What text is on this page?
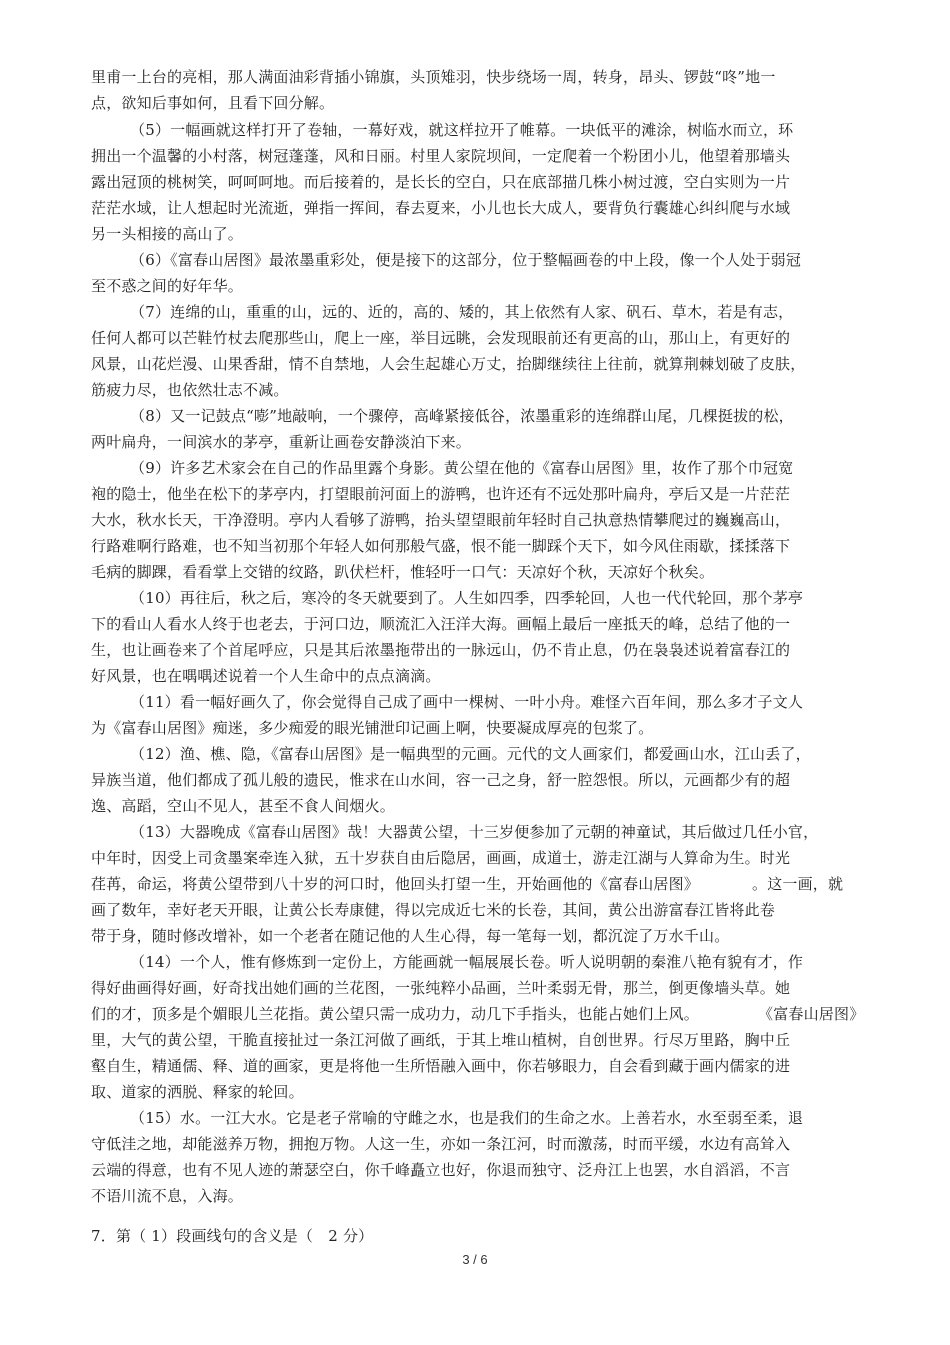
里甫一上台的亮相，那人满面油彩背插小锦旗，头顶雉羽，快步绕场一周，转身，昂头、锣鼓“咚”地一
点，欲知后事如何，且看下回分解。
（5）一幅画就这样打开了卷轴，一幕好戏，就这样拉开了帷幕。一块低平的滩涂，树临水而立，环
拥出一个温馨的小村落，树冠蓬蓬，风和日丽。村里人家院坝间，一定爬着一个粉团小儿，他望着那墙头
露出冠顶的桃树笑，呵呵呵地。而后接着的，是长长的空白，只在底部描几株小树过渡，空白实则为一片
茫茫水域，让人想起时光流逝，弹指一挥间，春去夏来，小儿也长大成人，要背负行囊雄心纠纠爬与水域
另一头相接的高山了。
（6）《富春山居图》最浓墨重彩处，便是接下的这部分，位于整幅画卷的中上段，像一个人处于弱冠
至不惑之间的好年华。
（7）连绵的山，重重的山，远的、近的，高的、矮的，其上依然有人家、矾石、草木，若是有志，
任何人都可以芒鞋竹杖去爬那些山，爬上一座，举目远眺，会发现眼前还有更高的山，那山上，有更好的
风景，山花烂漫、山果香甜，情不自禁地，人会生起雄心万丈，抬脚继续往上往前，就算荆棘划破了皮肤，
筋疲力尽，也依然壮志不减。
（8）又一记鼓点“嘭”地敲响，一个骤停，高峰紧接低谷，浓墨重彩的连绵群山尾，几棵挺拔的松，
两叶扁舟，一间滨水的茅亭，重新让画卷安静淡泊下来。
（9）许多艺术家会在自己的作品里露个身影。黄公望在他的《富春山居图》里，妆作了那个巾冠宽
袍的隐士，他坐在松下的茅亭内，打望眼前河面上的游鸭，也许还有不远处那叶扁舟，亭后又是一片茫茫
大水，秋水长天，干净澄明。亭内人看够了游鸭，抬头望望眼前年轻时自己执意热情攀爬过的巍巍高山，
行路难啊行路难，也不知当初那个年轻人如何那般气盛，恨不能一脚踩个天下，如今风住雨歇，揉揉落下
毛病的脚踝，看看掌上交错的纹路，趴伏栏杆，惟轻吁一口气：天凉好个秋，天凉好个秋矣。
（10）再往后，秋之后，寒冷的冬天就要到了。人生如四季，四季轮回，人也一代代轮回，那个茅亭
下的看山人看水人终于也老去，于河口边，顺流汇入汪洋大海。画幅上最后一座抵天的峰，总结了他的一
生，也让画卷来了个首尾呼应，只是其后浓墨拖带出的一脉远山，仍不肯止息，仍在袅袅述说着富春江的
好风景，也在喁喁述说着一个人生命中的点点滴滴。
（11）看一幅好画久了，你会觉得自己成了画中一棵树、一叶小舟。难怪六百年间，那么多才子文人
为《富春山居图》痴迷，多少痴爱的眼光铺泄印记画上啊，快要凝成厚亮的包浆了。
（12）渔、樵、隐，《富春山居图》是一幅典型的元画。元代的文人画家们，都爱画山水，江山丢了，
异族当道，他们都成了孤儿般的遗民，惟求在山水间，容一己之身，舒一腔怨恨。所以，元画都少有的超
逸、高蹈，空山不见人，甚至不食人间烟火。
（13）大器晚成《富春山居图》哉！大器黄公望，十三岁便参加了元朝的神童试，其后做过几任小官，
中年时，因受上司贪墨案牵连入狱，五十岁获自由后隐居，画画，成道士，游走江湖与人算命为生。时光
荏苒，命运，将黄公望带到八十岁的河口时，他回头打望一生，开始画他的《富春山居图》	。这一画，就
画了数年，幸好老天开眼，让黄公长寿康健，得以完成近七米的长卷，其间，黄公出游富春江皆将此卷
带于身，随时修改增补，如一个老者在随记他的人生心得，每一笔每一划，都沉淀了万水千山。
（14）一个人，惟有修炼到一定份上，方能画就一幅展展长卷。听人说明朝的秦淮八艳有貌有才，作
得好曲画得好画，好奇找出她们画的兰花图，一张纯粹小品画，兰叶柔弱无骨，那兰，倒更像墙头草。她
们的才，顶多是个媚眼儿兰花指。黄公望只需一成功力，动几下手指头，也能占她们上风。	《富春山居图》
里，大气的黄公望，干脆直接扯过一条江河做了画纸，于其上堆山植树，自创世界。行尽万里路，胸中丘
壑自生，精通儒、释、道的画家，更是将他一生所悟融入画中，你若够眼力，自会看到藏于画内儒家的进
取、道家的洒脱、释家的轮回。
（15）水。一江大水。它是老子常喻的守雌之水，也是我们的生命之水。上善若水，水至弱至柔，退
守低洼之地，却能滋养万物，拥抱万物。人这一生，亦如一条江河，时而激荡，时而平缓，水边有高耸入
云端的得意，也有不见人迹的萧瑟空白，你千峰矗立也好，你退而独守、泛舟江上也罢，水自滔滔，不言
不语川流不息，入海。
7．第（ 1）段画线句的含义是（　2 分）
3 / 6
